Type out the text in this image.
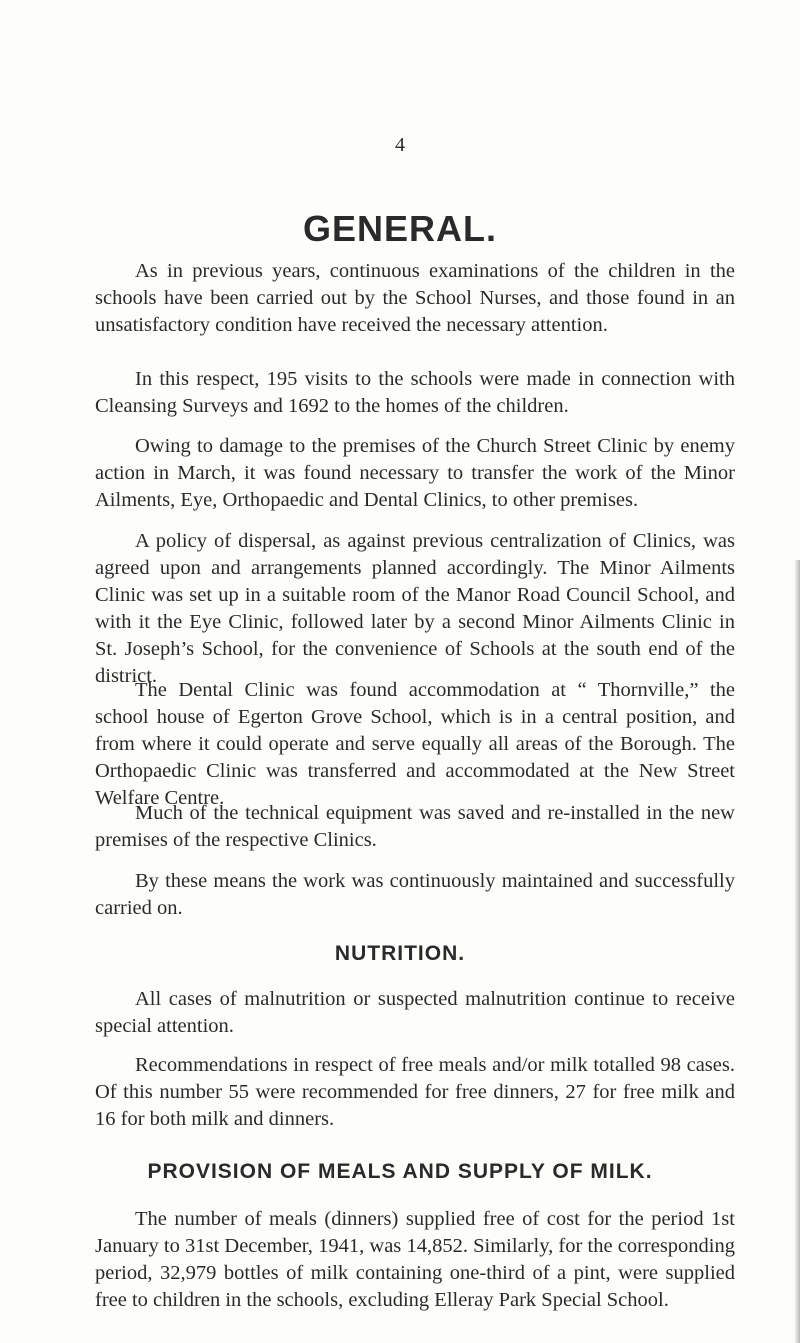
4
GENERAL.

As in previous years, continuous examinations of the children in the schools have been carried out by the School Nurses, and those found in an unsatisfactory condition have received the necessary attention.

In this respect, 195 visits to the schools were made in connection with Cleansing Surveys and 1692 to the homes of the children.

Owing to damage to the premises of the Church Street Clinic by enemy action in March, it was found necessary to transfer the work of the Minor Ailments, Eye, Orthopaedic and Dental Clinics, to other premises.

A policy of dispersal, as against previous centralization of Clinics, was agreed upon and arrangements planned accordingly. The Minor Ailments Clinic was set up in a suitable room of the Manor Road Council School, and with it the Eye Clinic, followed later by a second Minor Ailments Clinic in St. Joseph’s School, for the convenience of Schools at the south end of the district.

The Dental Clinic was found accommodation at “ Thornville,” the school house of Egerton Grove School, which is in a central position, and from where it could operate and serve equally all areas of the Borough. The Orthopaedic Clinic was transferred and accommodated at the New Street Welfare Centre.

Much of the technical equipment was saved and re-installed in the new premises of the respective Clinics.

By these means the work was continuously maintained and successfully carried on.

NUTRITION.

All cases of malnutrition or suspected malnutrition continue to receive special attention.

Recommendations in respect of free meals and/or milk totalled 98 cases. Of this number 55 were recommended for free dinners, 27 for free milk and 16 for both milk and dinners.

PROVISION OF MEALS AND SUPPLY OF MILK.

The number of meals (dinners) supplied free of cost for the period 1st January to 31st December, 1941, was 14,852. Similarly, for the corresponding period, 32,979 bottles of milk containing one-third of a pint, were supplied free to children in the schools, excluding Elleray Park Special School.
